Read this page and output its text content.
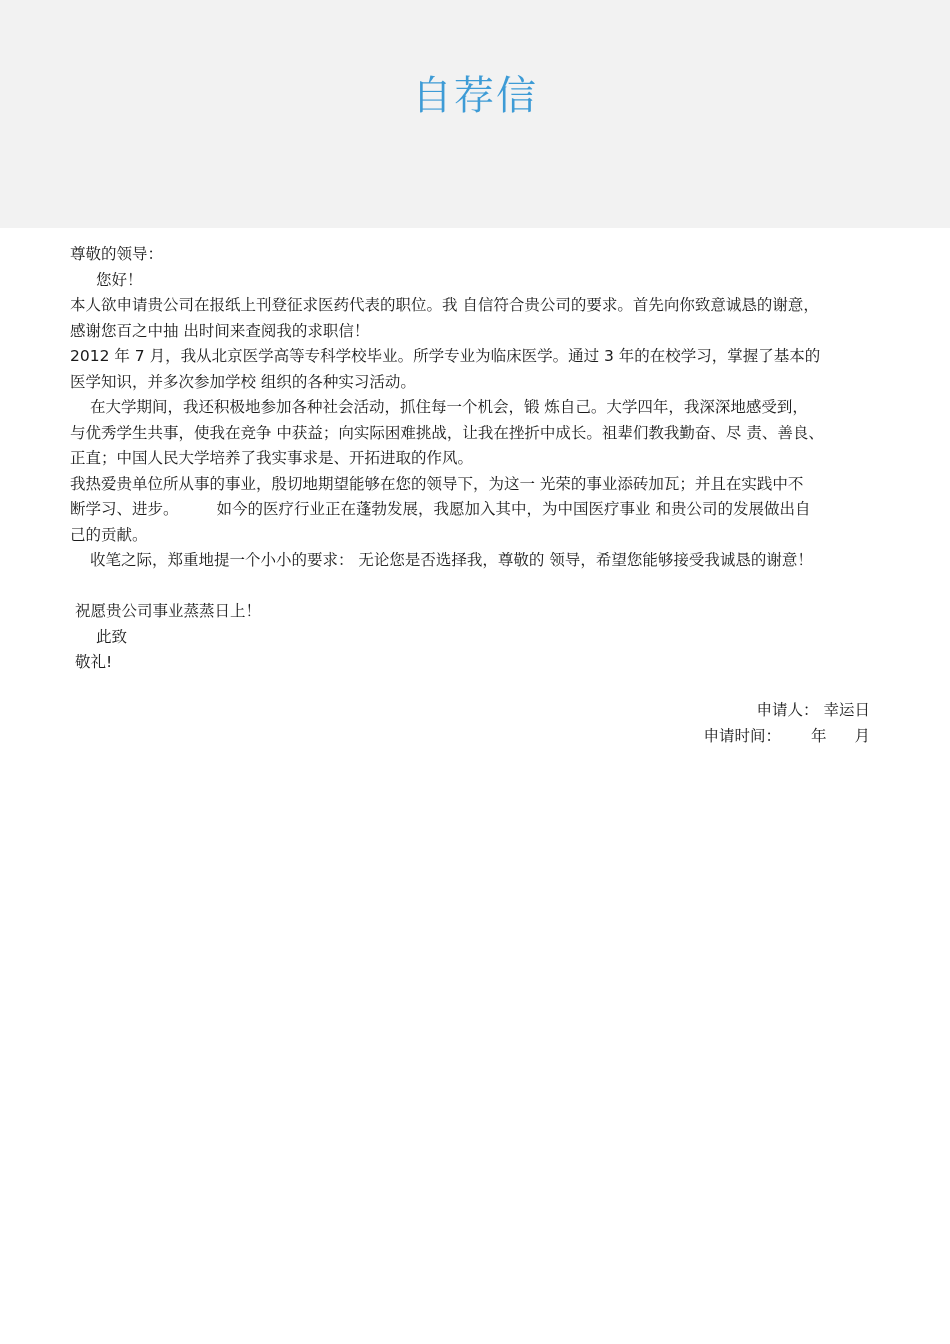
自荐信
尊敬的领导：
您好！
本人欲申请贵公司在报纸上刊登征求医药代表的职位。我 自信符合贵公司的要求。首先向你致意诚恳的谢意，
感谢您百之中抽 出时间来查阅我的求职信！
2012 年 7 月，我从北京医学高等专科学校毕业。所学专业为临床医学。通过 3 年的在校学习，掌握了基本的
医学知识，并多次参加学校 组织的各种实习活动。
在大学期间，我还积极地参加各种社会活动，抓住每一个机会，锻 炼自己。大学四年，我深深地感受到，
与优秀学生共事，使我在竞争 中获益；向实际困难挑战，让我在挫折中成长。祖辈们教我勤奋、尽 责、善良、
正直；中国人民大学培养了我实事求是、开拓进取的作风。
我热爱贵单位所从事的事业，殷切地期望能够在您的领导下，为这一 光荣的事业添砖加瓦；并且在实践中不
断学习、进步。 如今的医疗行业正在蓬勃发展，我愿加入其中，为中国医疗事业 和贵公司的发展做出自
己的贡献。
收笔之际，郑重地提一个小小的要求： 无论您是否选择我，尊敬的 领导，希望您能够接受我诚恳的谢意！
祝愿贵公司事业蒸蒸日上！
此致
敬礼!
申请人： 幸运日
申请时间： 年 月
